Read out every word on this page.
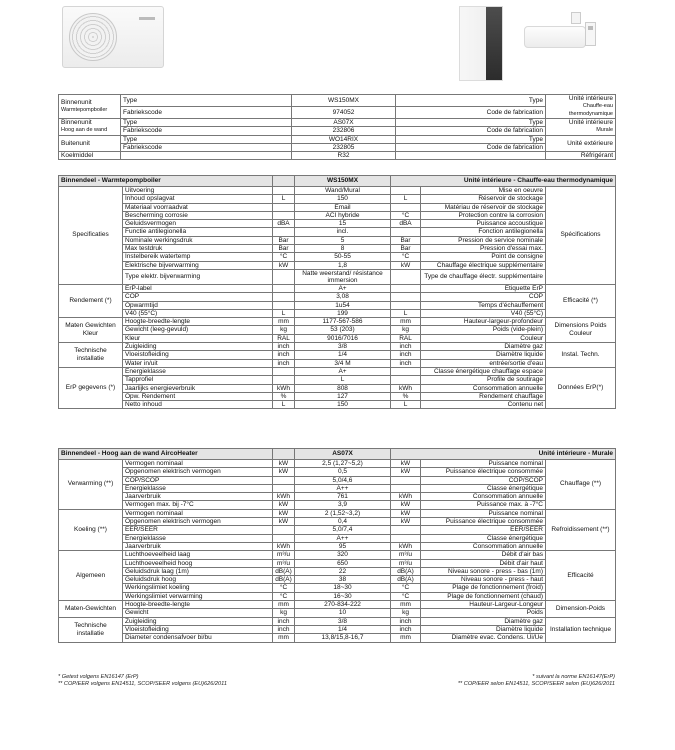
Binnenunit
Warmtepompboiler	Type	WS150MX	Type	Unité intérieure
Chauffe-eau thermodynamique
	Fabriekscode	974052	Code de fabrication	
Binnenunit
Hoog aan de wand	Type	AS07X	Type	Unité intérieure
Murale
	Fabriekscode	232806	Code de fabrication	
Buitenunit	Type	WO14RIX	Type	Unité extérieure
	Fabriekscode	232805	Code de fabrication	
Koelmiddel		R32		Réfrigérant
Binnendeel - Warmtepompboiler			WS150MX	Unité intérieure - Chauffe-eau thermodynamique		
Specificaties	Uitvoering		Wand/Mural		Mise en oeuvre	Spécifications
	Inhoud opslagvat	L	150	L	Réservoir de stockage	
	Materiaal voorraadvat		Email		Matériau de réservoir de stockage	
	Bescherming corrosie		ACI hybride	°C	Protection contre la corrosion	
	Geluidsvermogen	dBA	15	dBA	Puissance accoustique	
	Functie antilegionella		incl.		Fonction antilegionella	
	Nominale werkingsdruk	Bar	5	Bar	Pression de service nominale	
	Max testdruk	Bar	8	Bar	Pression d'essai max.	
	Instelbereik watertemp	°C	50-55	°C	Point de consigne	
	Elektrische bijverwarming	kW	1,8	kW	Chauffage électrique supplémentaire	
	Type elektr. bijverwarming		Natte weerstand/ résistance immersion		Type de chauffage électr. supplémentaire	
Rendement (*)	ErP-label		A+		Etiquette ErP	Efficacité (*)
	COP		3,08		COP	
	Opwarmtijd		1u54		Temps d'échauffement	
	V40 (55°C)	L	199	L	V40 (55°C)	
Maten Gewichten Kleur	Hoogte-breedte-lengte	mm	1177-567-586	mm	Hauteur-largeur-profondeur	Dimensions Poids Couleur
	Gewicht (leeg-gevuld)	kg	53 (203)	kg	Poids (vide-plein)	
	Kleur	RAL	9016/7016	RAL	Couleur	
Technische installatie	Zuigleiding	inch	3/8	inch	Diamètre gaz	Instal. Techn.
	Vloeistofleiding	inch	1/4	inch	Diamètre liquide	
	Water in/uit	inch	3/4 M	inch	entrée/sortie d'eau	
ErP gegevens (*)	Energieklasse		A+		Classe énergétique chauffage espace	Données ErP(*)
	Tapprofiel		L		Profile de soutirage	
	Jaarlijks energieverbruik	kWh	808	kWh	Consommation annuelle	
	Opw. Rendement	%	127	%	Rendement chauffage	
	Netto inhoud	L	150	L	Contenu net	
Binnendeel - Hoog aan de wand AircoHeater			AS07X	Unité intérieure - Murale		
Verwarming (**)	Vermogen nominaal	kW	2,5 (1,27~5,2)	kW	Puissance nominal	Chauffage (**)
	Opgenomen elektrisch vermogen	kW	0,5	kW	Puissance électrique consommée	
	COP/SCOP		5,0/4,6		COP/SCOP	
	Energieklasse		A++		Classe énergétique	
	Jaarverbruik	kWh	761	kWh	Consommation annuelle	
	Vermogen max. bij -7°C	kW	3,9	kW	Puissance max. à -7°C	
Koeling (**)	Vermogen nominaal	kW	2 (1,52~3,2)	kW	Puissance nominal	Refroidissement (**)
	Opgenomen elektrisch vermogen	kW	0,4	kW	Puissance électrique consommée	
	EER/SEER		5,0/7,4		EER/SEER	
	Energieklasse		A++		Classe énergétique	
	Jaarverbruik	kWh	95	kWh	Consommation annuelle	
Algemeen	Luchthoeveelheid laag	m³/u	320	m³/u	Débit d'air bas	Efficacité
	Luchthoeveelheid hoog	m³/u	650	m³/u	Débit d'air haut	
	Geluidsdruk laag (1m)	dB(A)	22	dB(A)	Niveau sonore - press - bas (1m)	
	Geluidsdruk hoog	dB(A)	38	dB(A)	Niveau sonore - press - haut	
	Werkingslimiet koeling	°C	18~30	°C	Plage de fonctionnement (froid)	
	Werkingslimiet verwarming	°C	16~30	°C	Plage de fonctionnement (chaud)	
Maten-Gewichten	Hoogte-breedte-lengte	mm	270-834-222	mm	Hauteur-Largeur-Longeur	Dimension-Poids
	Gewicht	kg	10	kg	Poids	
Technische installatie	Zuigleiding	inch	3/8	inch	Diamètre gaz	Installation technique
	Vloeistofleiding	inch	1/4	inch	Diamètre liquide	
	Diameter condensafvoer bi/bu	mm	13,8/15,8-16,7	mm	Diamètre evac. Condens. Ui/Ue	
* Getest volgens EN16147 (ErP)
** COP/EER volgens EN14511, SCOP/SEER volgens (EU)626/2011
* suivant la norme EN16147(ErP)
** COP/EER selon EN14511, SCOP/SEER selon (EU)626/2011
